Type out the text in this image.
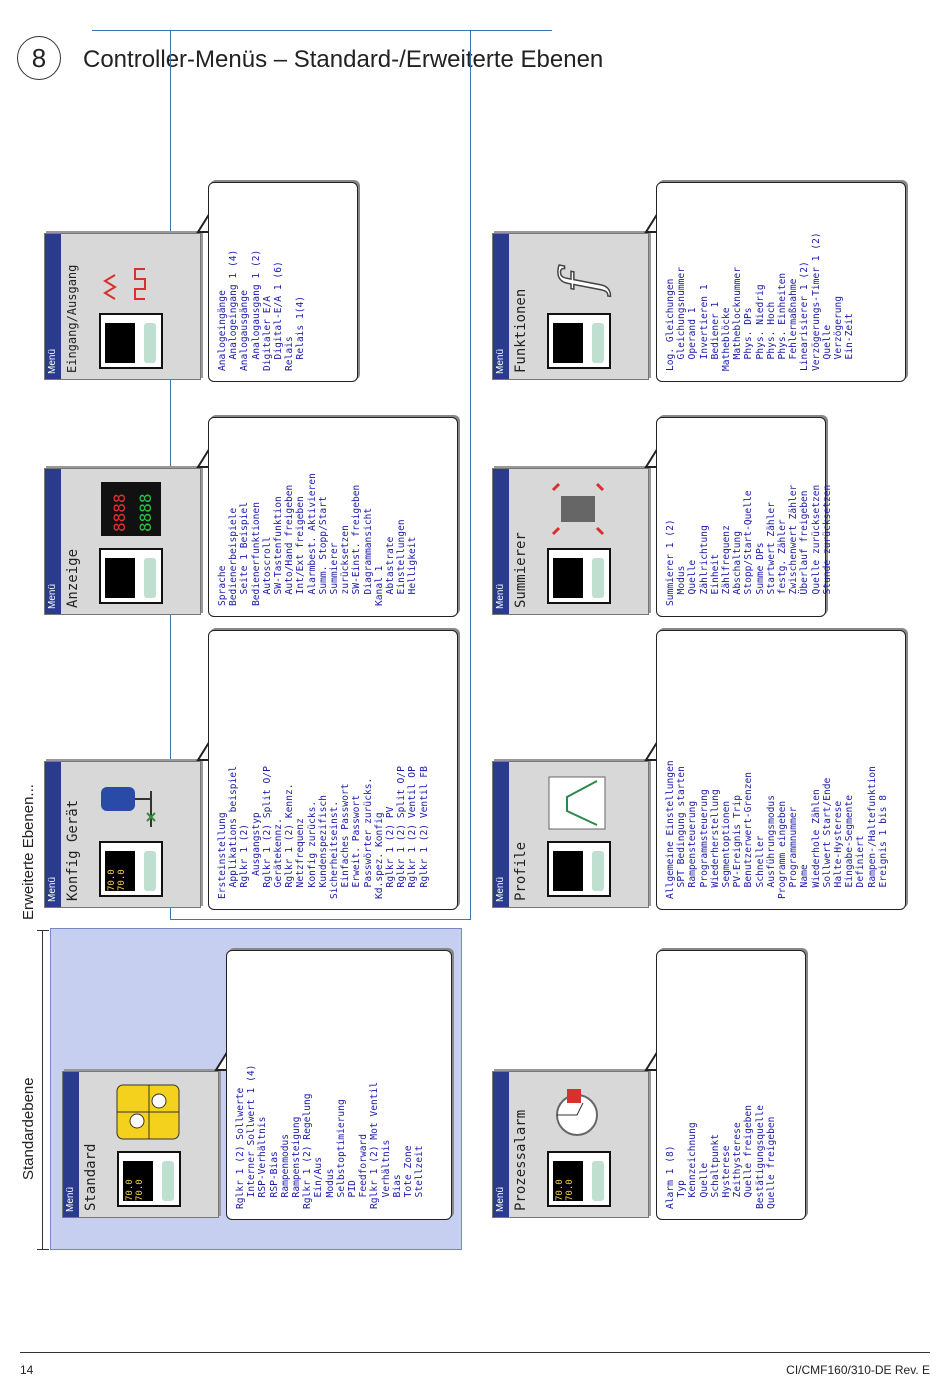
8	Controller-Menüs – Standard-/Erweiterte Ebenen
Standardebene
Erweiterte Ebenen...
Menü Standard	70.0
70.0	Rglkr 1 (2) Sollwerte Interner Sollwert 1 (4) RSP-Verhältnis RSP-Bias Rampenmodus Rampensteigung Rglkr 1 (2) Regelung Ein/Aus Modus Selbstoptimierung PID Feedforward Rglkr 1 (2) Mot Ventil Verhältnis Bias Tote Zone Stellzeit	Menü Prozessalarm	70.0
70.0	Alarm 1 (8) Typ Kennzeichnung Quelle Schaltpunkt Hysterese Zeithysterese Quelle freigeben Bestätigungsquelle Quelle freigeben
Menü Konfig Gerät	70.0
70.0	Ersteinstellung Applikations beispiel Rglkr 1 (2) Ausgangstyp Rglkr 1 (2) Split O/P Gerätekennz. Rglkr 1 (2) Kennz. Netzfrequenz Konfig zurücks. Kundenspezifisch Sicherheitseinst. Einfaches Passwort Erweit. Passwort Passwörter zurücks. Kd.spez. Konfig Rglkr 1 (2) PV Rglkr 1 (2) Split O/P Rglkr 1 (2) Ventil OP Rglkr 1 (2) Ventil FB	Menü Profile	Allgemeine Einstellungen SPT Bedingung starten Rampensteuerung Programmsteuerung Wiederherstellung Segmentoptionen PV-Ereignis Trip Benutzerwert-Grenzen Schneller Ausführungsmodus Programm eingeben Programmnummer Name Wiederhole Zählen Sollwert Start/Ende Halte-Hysterese Eingabe-Segmente Definiert Rampen-/Haltefunktion Ereignis 1 bis 8
Menü Anzeige
8888 8888
Sprache Bedienerbeispiele Seite 1 Beispiel Bedienerfunktionen Autoscroll SW-Tastenfunktion Auto/Hand freigeben Int/Ext freigeben Alarmbest. Aktivieren Summ. Stopp/Start Summierer zurücksetzen SW-Einst. freigeben Diagrammansicht Kanal 1 Abtastrate Einstellungen Helligkeit	Menü Summierer	Summierer 1 (2) Modus Quelle Zählrichtung Einheit Zählfrequenz Abschaltung Stopp/Start-Quelle Summe DPs Startwert Zähler festg. Zähler Zwischenwert Zähler Überlauf freigeben Quelle zurücksetzen Stunde zurücksetzen
Menü Eingang/Ausgang	Analogeingänge Analogeingang 1 (4) Analogausgänge Analogausgang 1 (2) Digitaler E/A Digital-E/A 1 (6) Relais Relais 1(4)	Menü Funktionen
f	Log. Gleichungen Gleichungsnummer Operand 1 Invertieren 1 Bediener 1 Matheblöcke Matheblocknummer Phys. DPs Phys. Niedrig Phys. Hoch Phys. Einheiten Fehlermaßnahme Linearisierer 1 (2) Verzögerungs-Timer 1 (2) Quelle Verzögerung Ein-Zeit
14	CI/CMF160/310-DE Rev. E
